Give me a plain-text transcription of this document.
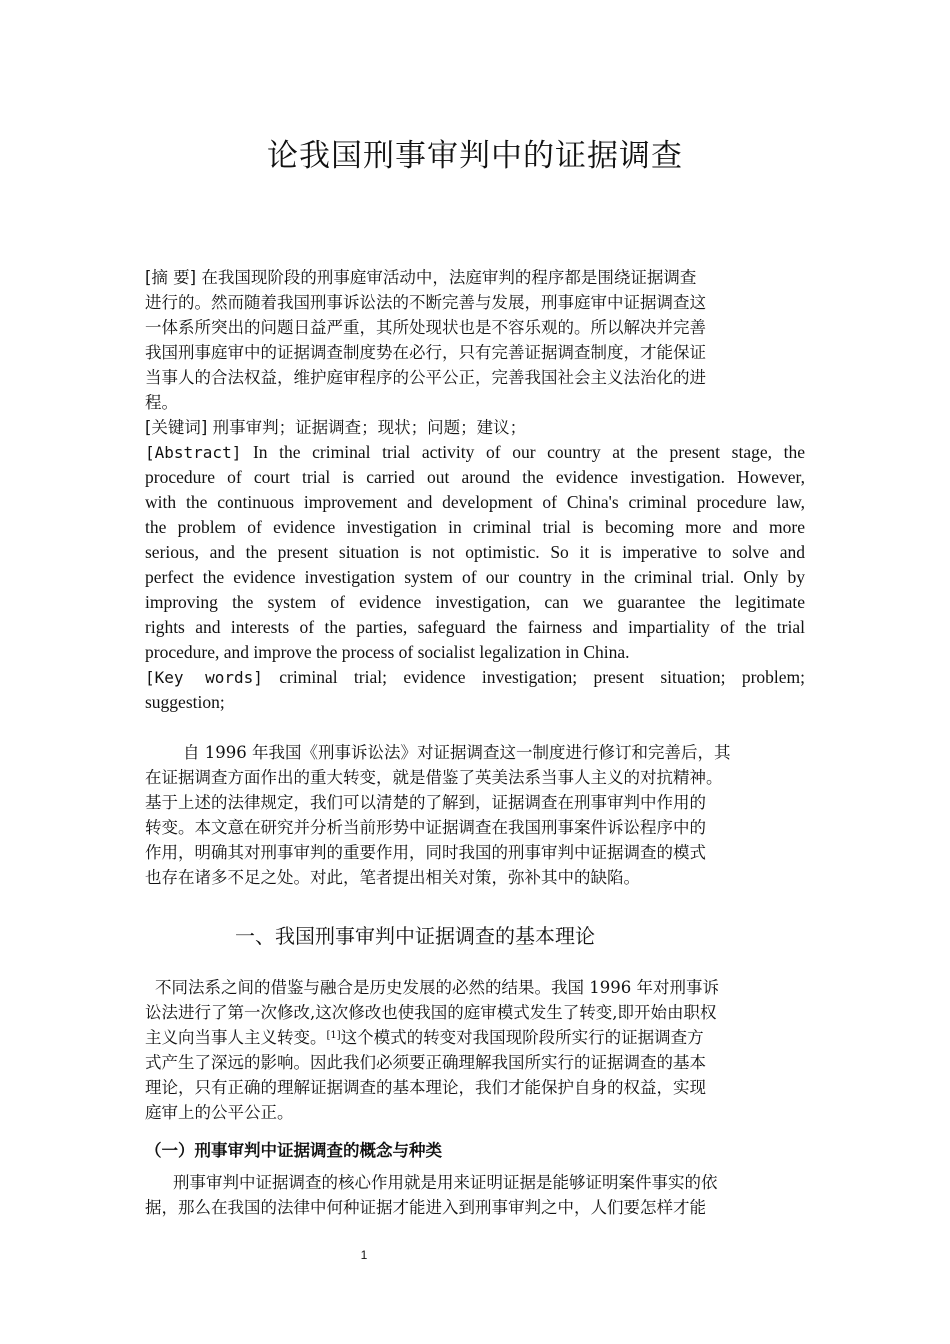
论我国刑事审判中的证据调查
[摘 要] 在我国现阶段的刑事庭审活动中，法庭审判的程序都是围绕证据调查
进行的。然而随着我国刑事诉讼法的不断完善与发展，刑事庭审中证据调查这
一体系所突出的问题日益严重，其所处现状也是不容乐观的。所以解决并完善
我国刑事庭审中的证据调查制度势在必行，只有完善证据调查制度，才能保证
当事人的合法权益，维护庭审程序的公平公正，完善我国社会主义法治化的进
程。
[关键词] 刑事审判；证据调查；现状；问题；建议；
[Abstract] In the criminal trial activity of our country at the present stage, the
procedure of court trial is carried out around the evidence investigation. However,
with the continuous improvement and development of China's criminal procedure law,
the problem of evidence investigation in criminal trial is becoming more and more
serious, and the present situation is not optimistic. So it is imperative to solve and
perfect the evidence investigation system of our country in the criminal trial. Only by
improving the system of evidence investigation, can we guarantee the legitimate
rights and interests of the parties, safeguard the fairness and impartiality of the trial
procedure, and improve the process of socialist legalization in China.
[Key words] criminal trial; evidence investigation; present situation; problem;
suggestion;
自 1996 年我国《刑事诉讼法》对证据调查这一制度进行修订和完善后，其
在证据调查方面作出的重大转变，就是借鉴了英美法系当事人主义的对抗精神。
基于上述的法律规定，我们可以清楚的了解到，证据调查在刑事审判中作用的
转变。本文意在研究并分析当前形势中证据调查在我国刑事案件诉讼程序中的
作用，明确其对刑事审判的重要作用，同时我国的刑事审判中证据调查的模式
也存在诸多不足之处。对此，笔者提出相关对策，弥补其中的缺陷。
一、我国刑事审判中证据调查的基本理论
不同法系之间的借鉴与融合是历史发展的必然的结果。我国 1996 年对刑事诉
讼法进行了第一次修改,这次修改也使我国的庭审模式发生了转变,即开始由职权
主义向当事人主义转变。[1]这个模式的转变对我国现阶段所实行的证据调查方
式产生了深远的影响。因此我们必须要正确理解我国所实行的证据调查的基本
理论，只有正确的理解证据调查的基本理论，我们才能保护自身的权益，实现
庭审上的公平公正。
（一）刑事审判中证据调查的概念与种类
刑事审判中证据调查的核心作用就是用来证明证据是能够证明案件事实的依
据，那么在我国的法律中何种证据才能进入到刑事审判之中，人们要怎样才能
1
